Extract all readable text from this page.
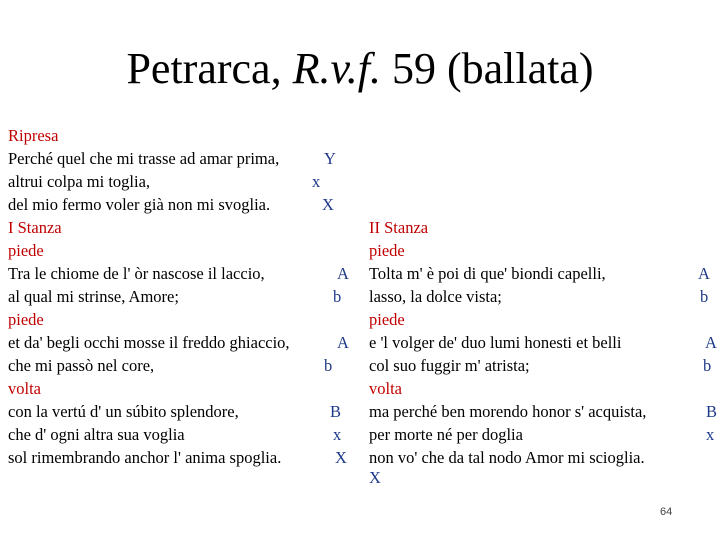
Petrarca, R.v.f. 59 (ballata)
Ripresa
Perché quel che mi trasse ad amar prima,	Y
altrui colpa mi toglia,	x
del mio fermo voler già non mi svoglia.	X
I Stanza
piede
Tra le chiome de l' òr nascose il laccio,	A
al qual mi strinse, Amore;	b
piede
et da' begli occhi mosse il freddo ghiaccio,	A
che mi passò nel core,	b
volta
con la vertú d' un súbito splendore,	B
che d' ogni altra sua voglia	x
sol rimembrando anchor l' anima spoglia.	X
II Stanza
piede
Tolta m' è poi di que' biondi capelli,	A
lasso, la dolce vista;	b
piede
e 'l volger de' duo lumi honesti et belli	A
col suo fuggir m' atrista;	b
volta
ma perché ben morendo honor s' acquista,	B
per morte né per doglia	x
non vo' che da tal nodo Amor mi scioglia.
X
64
